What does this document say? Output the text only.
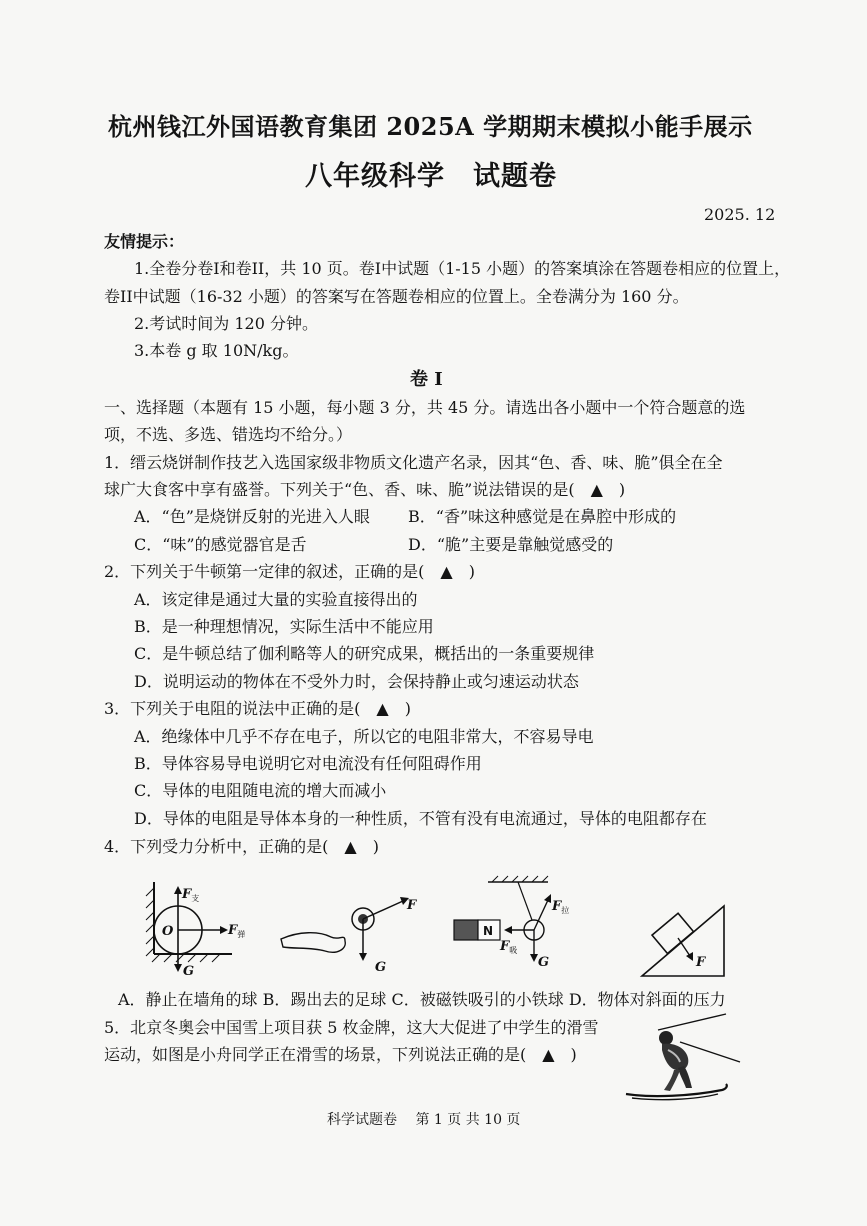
杭州钱江外国语教育集团 2025A 学期期末模拟小能手展示
八年级科学　试题卷
2025. 12
友情提示：
1.全卷分卷I和卷II，共 10 页。卷I中试题（1-15 小题）的答案填涂在答题卷相应的位置上，
卷II中试题（16-32 小题）的答案写在答题卷相应的位置上。全卷满分为 160 分。
2.考试时间为 120 分钟。
3.本卷 g 取 10N/kg。
卷 I
一、选择题（本题有 15 小题，每小题 3 分，共 45 分。请选出各小题中一个符合题意的选
项，不选、多选、错选均不给分。）
1．缙云烧饼制作技艺入选国家级非物质文化遗产名录，因其“色、香、味、脆”俱全在全
球广大食客中享有盛誉。下列关于“色、香、味、脆”说法错误的是(　▲　)
A．“色”是烧饼反射的光进入人眼 B．“香”味这种感觉是在鼻腔中形成的
C．“味”的感觉器官是舌	D．“脆”主要是靠触觉感受的
2．下列关于牛顿第一定律的叙述，正确的是(　▲　)
A．该定律是通过大量的实验直接得出的
B．是一种理想情况，实际生活中不能应用
C．是牛顿总结了伽利略等人的研究成果，概括出的一条重要规律
D．说明运动的物体在不受外力时，会保持静止或匀速运动状态
3．下列关于电阻的说法中正确的是(　▲　)
A．绝缘体中几乎不存在电子，所以它的电阻非常大，不容易导电
B．导体容易导电说明它对电流没有任何阻碍作用
C．导体的电阻随电流的增大而减小
D．导体的电阻是导体本身的一种性质，不管有没有电流通过，导体的电阻都存在
4．下列受力分析中，正确的是(　▲　)
$F_支$
O	$F_弹$
G
F
G
N
$F_拉$
$F_吸$
G	F
A．静止在墙角的球 B．踢出去的足球 C．被磁铁吸引的小铁球 D．物体对斜面的压力
5．北京冬奥会中国雪上项目获 5 枚金牌，这大大促进了中学生的滑雪
运动，如图是小舟同学正在滑雪的场景，下列说法正确的是(　▲　)
科学试题卷　 第 1 页 共 10 页
